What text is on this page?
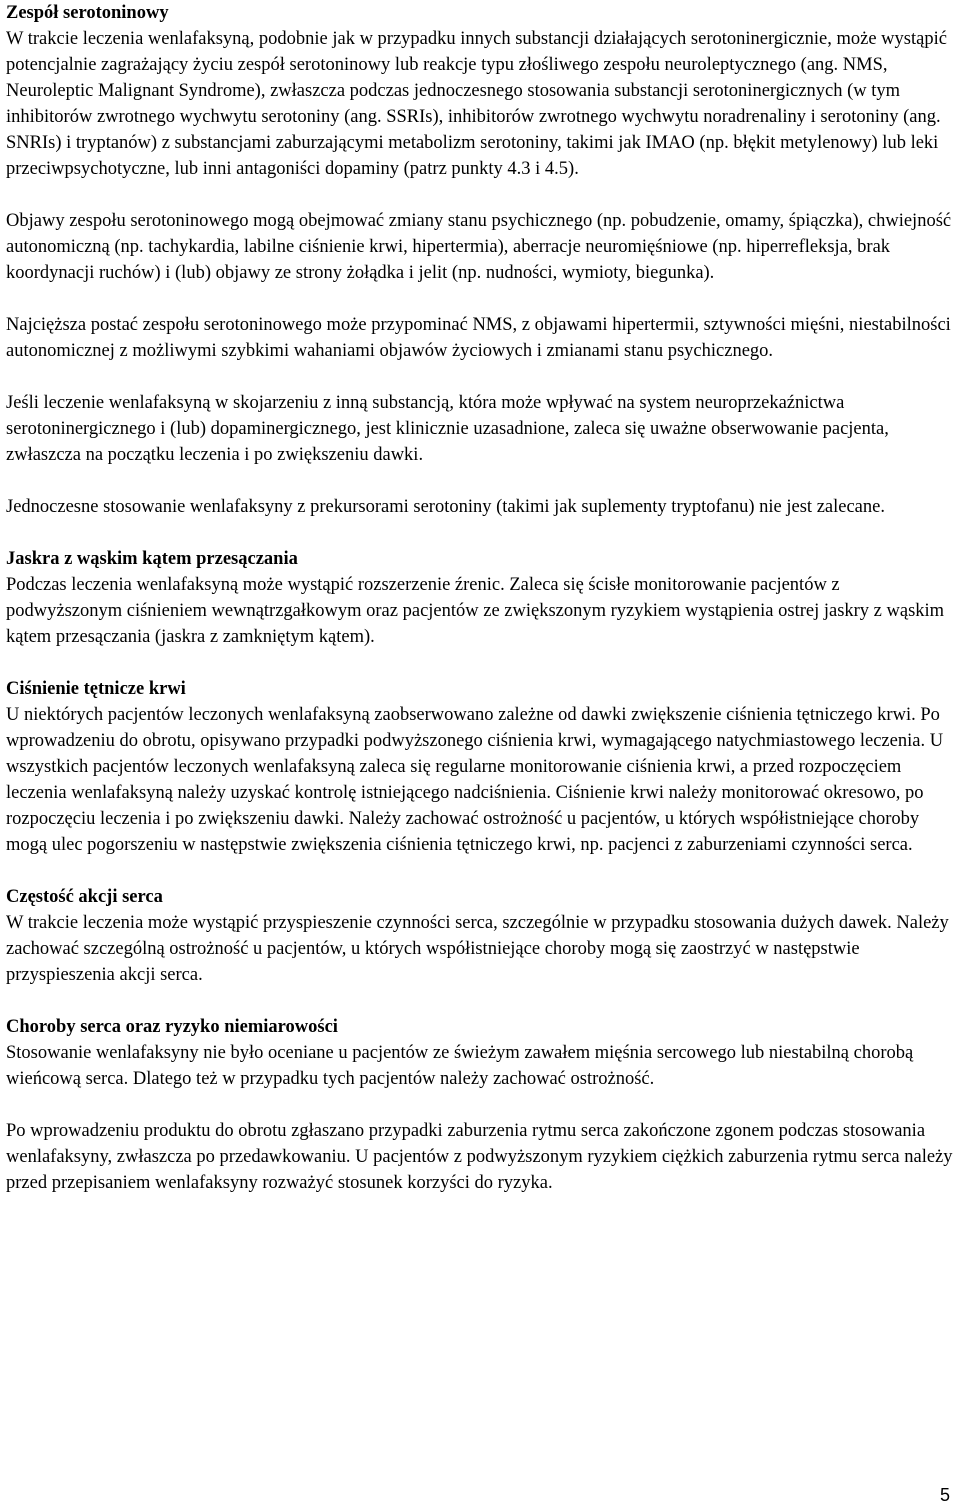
Zespół serotoninowy

W trakcie leczenia wenlafaksyną, podobnie jak w przypadku innych substancji działających serotoninergicznie, może wystąpić potencjalnie zagrażający życiu zespół serotoninowy lub reakcje typu złośliwego zespołu neuroleptycznego (ang. NMS, Neuroleptic Malignant Syndrome), zwłaszcza podczas jednoczesnego stosowania substancji serotoninergicznych (w tym inhibitorów zwrotnego wychwytu serotoniny (ang. SSRIs), inhibitorów zwrotnego wychwytu noradrenaliny i serotoniny (ang. SNRIs) i tryptanów) z substancjami zaburzającymi metabolizm serotoniny, takimi jak IMAO (np. błękit metylenowy) lub leki przeciwpsychotyczne, lub inni antagoniści dopaminy (patrz punkty 4.3 i 4.5).

Objawy zespołu serotoninowego mogą obejmować zmiany stanu psychicznego (np. pobudzenie, omamy, śpiączka), chwiejność autonomiczną (np. tachykardia, labilne ciśnienie krwi, hipertermia), aberracje neuromięśniowe (np. hiperrefleksja, brak koordynacji ruchów) i (lub) objawy ze strony żołądka i jelit (np. nudności, wymioty, biegunka).

Najcięższa postać zespołu serotoninowego może przypominać NMS, z objawami hipertermii, sztywności mięśni, niestabilności autonomicznej z możliwymi szybkimi wahaniami objawów życiowych i zmianami stanu psychicznego.

Jeśli leczenie wenlafaksyną w skojarzeniu z inną substancją, która może wpływać na system neuroprzekaźnictwa serotoninergicznego i (lub) dopaminergicznego, jest klinicznie uzasadnione, zaleca się uważne obserwowanie pacjenta, zwłaszcza na początku leczenia i po zwiększeniu dawki.

Jednoczesne stosowanie wenlafaksyny z prekursorami serotoniny (takimi jak suplementy tryptofanu) nie jest zalecane.

Jaskra z wąskim kątem przesączania

Podczas leczenia wenlafaksyną może wystąpić rozszerzenie źrenic. Zaleca się ścisłe monitorowanie pacjentów z podwyższonym ciśnieniem wewnątrzgałkowym oraz pacjentów ze zwiększonym ryzykiem wystąpienia ostrej jaskry z wąskim kątem przesączania (jaskra z zamkniętym kątem).

Ciśnienie tętnicze krwi

U niektórych pacjentów leczonych wenlafaksyną zaobserwowano zależne od dawki zwiększenie ciśnienia tętniczego krwi. Po wprowadzeniu do obrotu, opisywano przypadki podwyższonego ciśnienia krwi, wymagającego natychmiastowego leczenia. U wszystkich pacjentów leczonych wenlafaksyną zaleca się regularne monitorowanie ciśnienia krwi, a przed rozpoczęciem leczenia wenlafaksyną należy uzyskać kontrolę istniejącego nadciśnienia. Ciśnienie krwi należy monitorować okresowo, po rozpoczęciu leczenia i po zwiększeniu dawki. Należy zachować ostrożność u pacjentów, u których współistniejące choroby mogą ulec pogorszeniu w następstwie zwiększenia ciśnienia tętniczego krwi, np. pacjenci z zaburzeniami czynności serca.

Częstość akcji serca

W trakcie leczenia może wystąpić przyspieszenie czynności serca, szczególnie w przypadku stosowania dużych dawek. Należy zachować szczególną ostrożność u pacjentów, u których współistniejące choroby mogą się zaostrzyć w następstwie przyspieszenia akcji serca.

Choroby serca oraz ryzyko niemiarowości

Stosowanie wenlafaksyny nie było oceniane u pacjentów ze świeżym zawałem mięśnia sercowego lub niestabilną chorobą wieńcową serca. Dlatego też w przypadku tych pacjentów należy zachować ostrożność.

Po wprowadzeniu produktu do obrotu zgłaszano przypadki zaburzenia rytmu serca zakończone zgonem podczas stosowania wenlafaksyny, zwłaszcza po przedawkowaniu. U pacjentów z podwyższonym ryzykiem ciężkich zaburzenia rytmu serca należy przed przepisaniem wenlafaksyny rozważyć stosunek korzyści do ryzyka.

5
